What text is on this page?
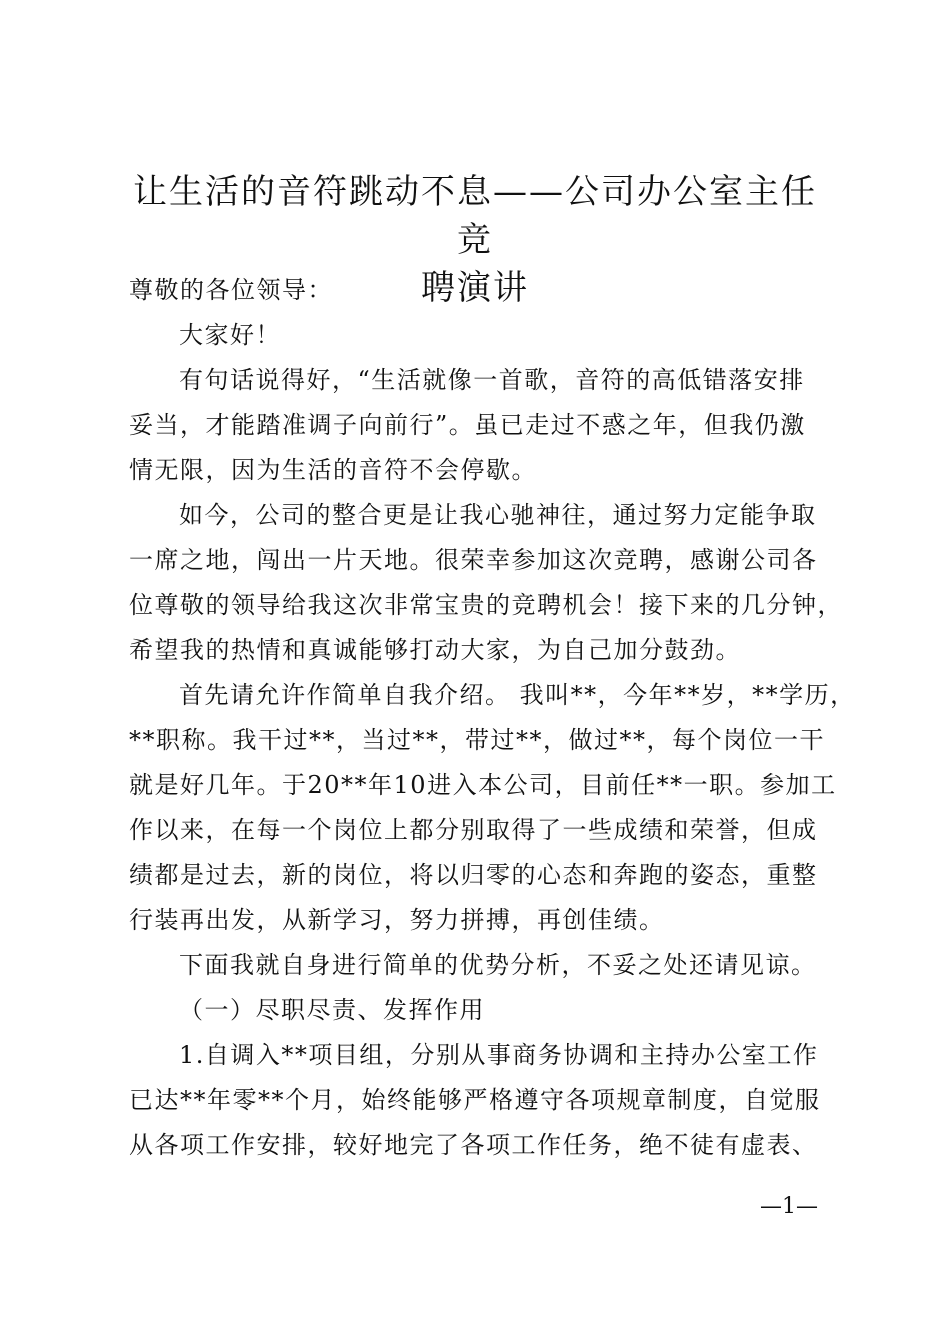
让生活的音符跳动不息——公司办公室主任竞
聘演讲
尊敬的各位领导：
大家好！
有句话说得好，“生活就像一首歌，音符的高低错落安排
妥当，才能踏准调子向前行”。虽已走过不惑之年，但我仍激
情无限，因为生活的音符不会停歇。
如今，公司的整合更是让我心驰神往，通过努力定能争取
一席之地，闯出一片天地。很荣幸参加这次竞聘，感谢公司各
位尊敬的领导给我这次非常宝贵的竞聘机会！接下来的几分钟，
希望我的热情和真诚能够打动大家，为自己加分鼓劲。
首先请允许作简单自我介绍。 我叫**，今年**岁，**学历，
**职称。我干过**，当过**，带过**，做过**，每个岗位一干
就是好几年。于20**年10进入本公司，目前任**一职。参加工
作以来，在每一个岗位上都分别取得了一些成绩和荣誉，但成
绩都是过去，新的岗位，将以归零的心态和奔跑的姿态，重整
行装再出发，从新学习，努力拼搏，再创佳绩。
下面我就自身进行简单的优势分析，不妥之处还请见谅。
（一）尽职尽责、发挥作用
1.自调入**项目组，分别从事商务协调和主持办公室工作
已达**年零**个月，始终能够严格遵守各项规章制度，自觉服
从各项工作安排，较好地完了各项工作任务，绝不徒有虚表、
—1—
